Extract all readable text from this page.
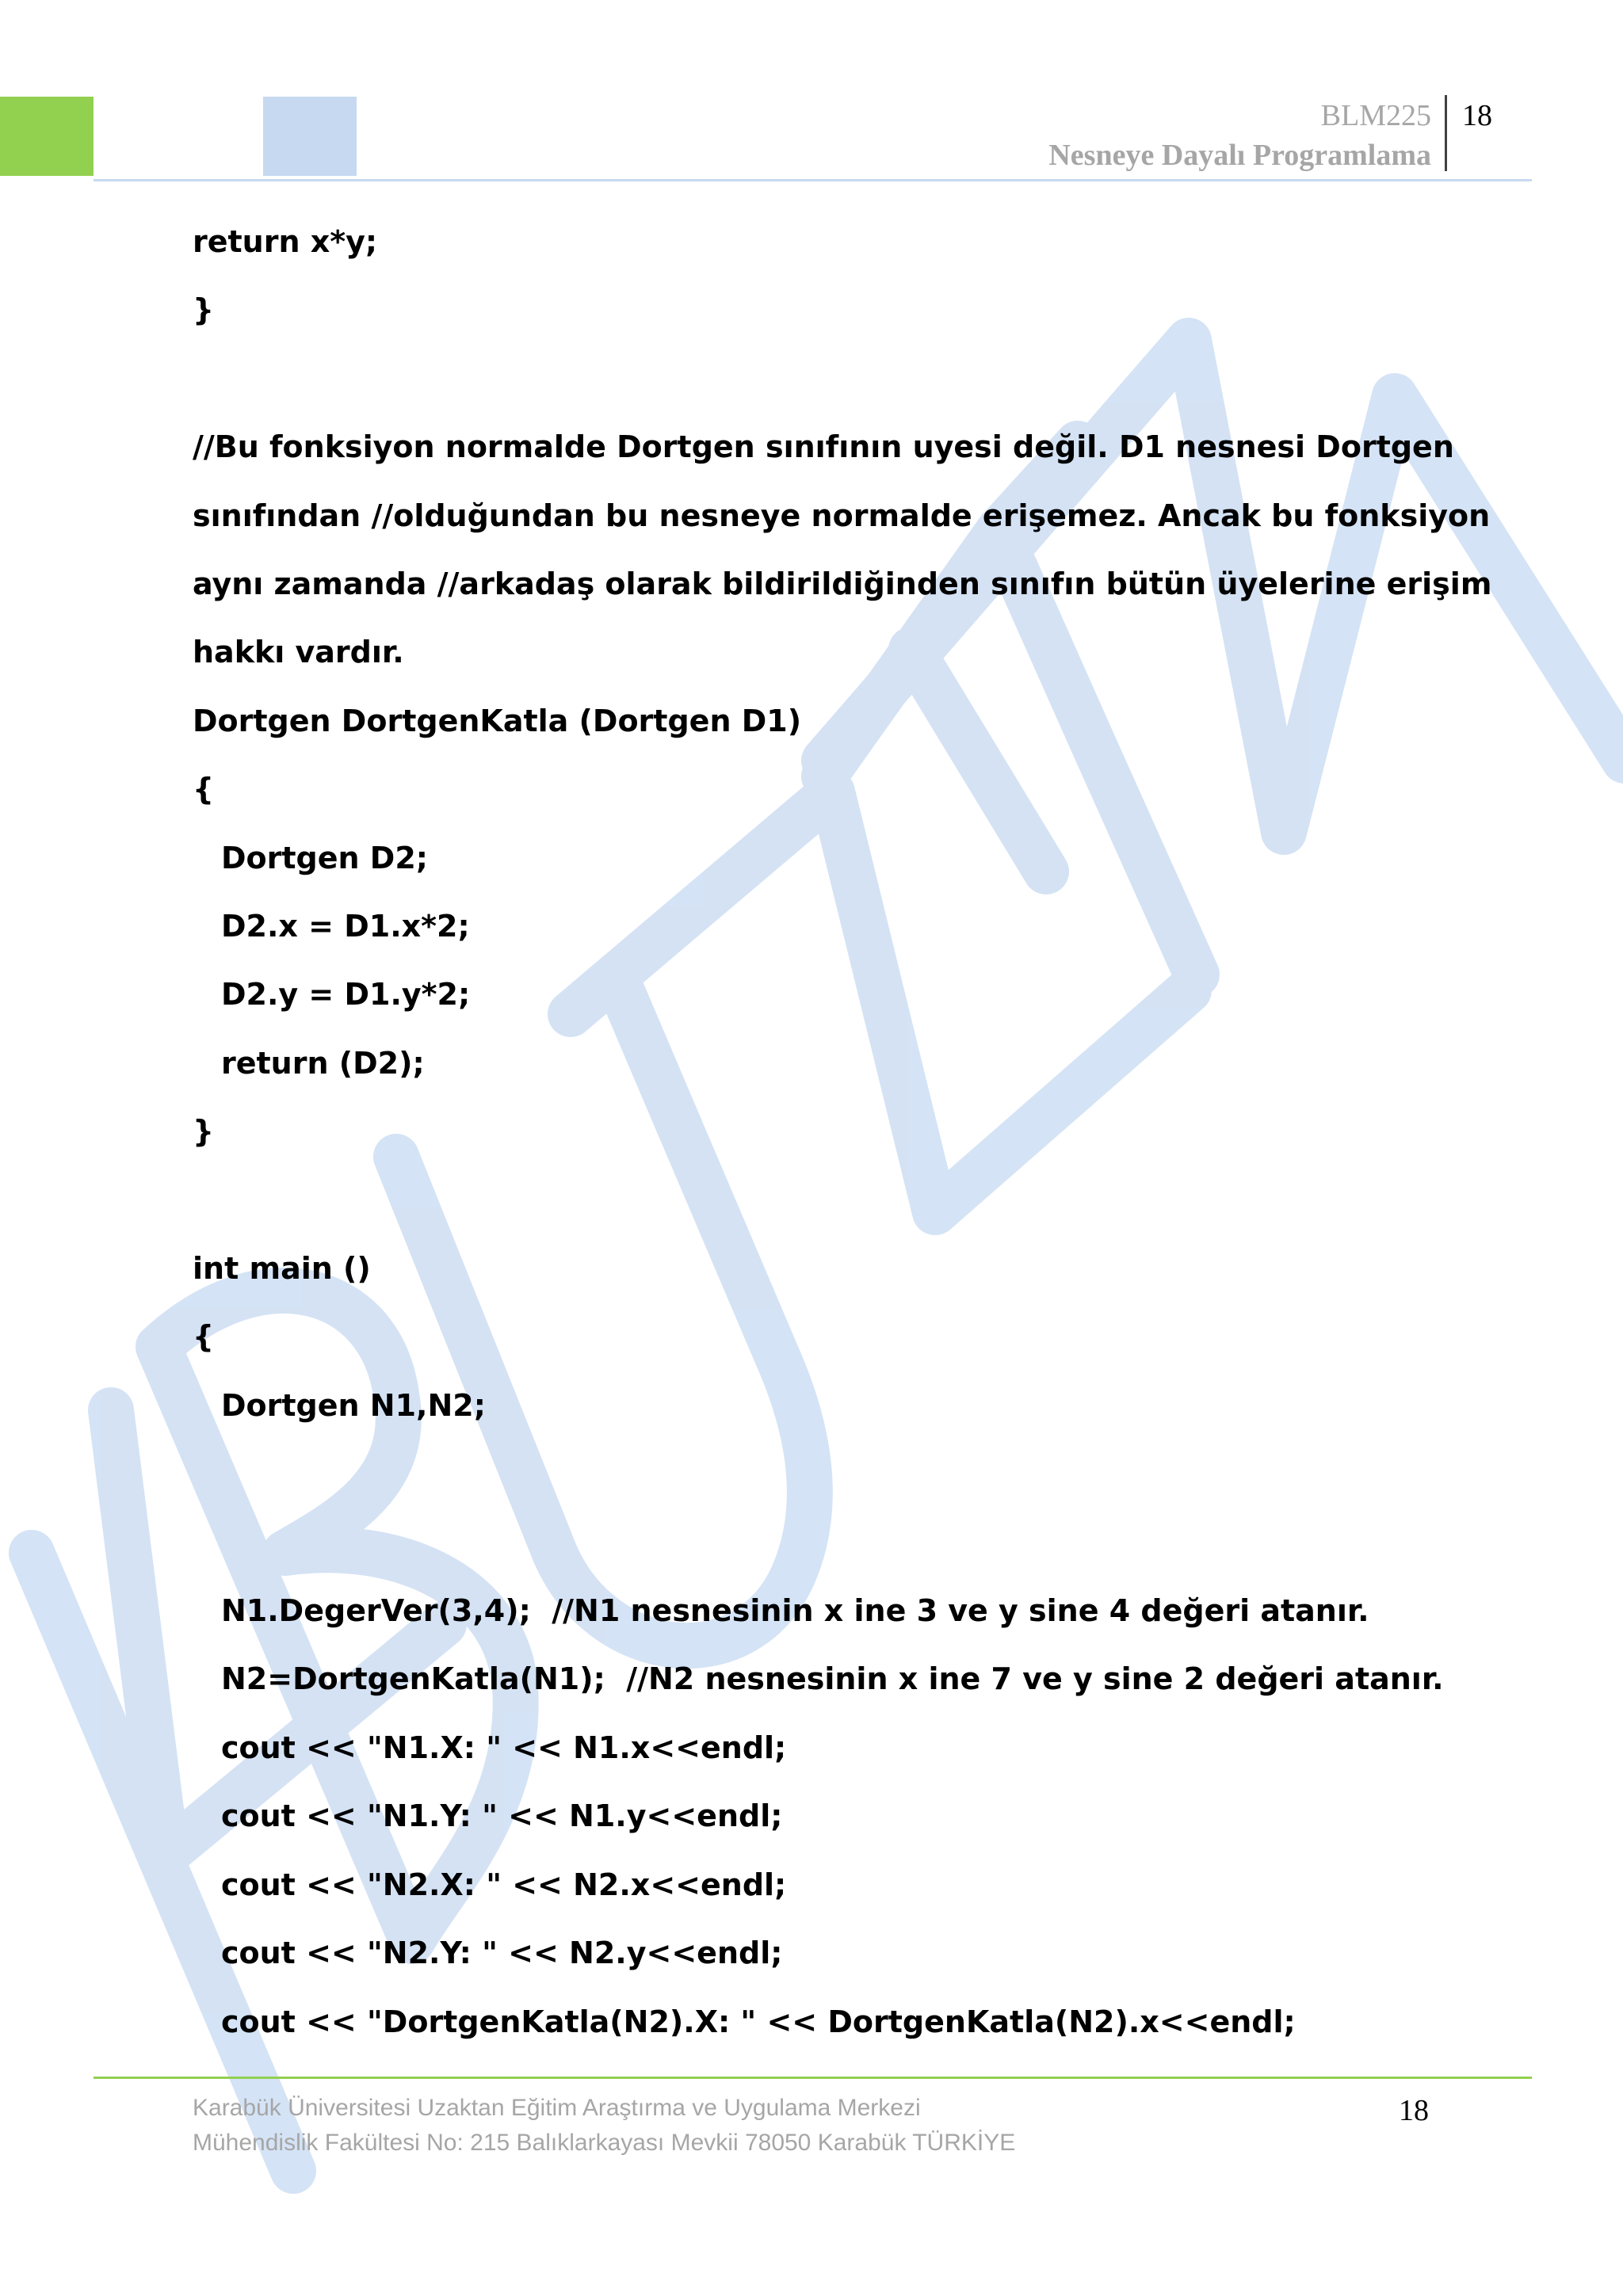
BLM225
Nesneye Dayalı Programlama
18
return x*y;
}
//Bu fonksiyon normalde Dortgen sınıfının uyesi değil. D1 nesnesi Dortgen
sınıfından //olduğundan bu nesneye normalde erişemez. Ancak bu fonksiyon
aynı zamanda //arkadaş olarak bildirildiğinden sınıfın bütün üyelerine erişim
hakkı vardır.
Dortgen DortgenKatla (Dortgen D1)
{
Dortgen D2;
D2.x = D1.x*2;
D2.y = D1.y*2;
return (D2);
}
int main ()
{
Dortgen N1,N2;
N1.DegerVer(3,4);  //N1 nesnesinin x ine 3 ve y sine 4 değeri atanır.
N2=DortgenKatla(N1);  //N2 nesnesinin x ine 7 ve y sine 2 değeri atanır.
cout << "N1.X: " << N1.x<<endl;
cout << "N1.Y: " << N1.y<<endl;
cout << "N2.X: " << N2.x<<endl;
cout << "N2.Y: " << N2.y<<endl;
cout << "DortgenKatla(N2).X: " << DortgenKatla(N2).x<<endl;
Karabük Üniversitesi Uzaktan Eğitim Araştırma ve Uygulama Merkezi
Mühendislik Fakültesi No: 215 Balıklarkayası Mevkii 78050 Karabük TÜRKİYE
18
